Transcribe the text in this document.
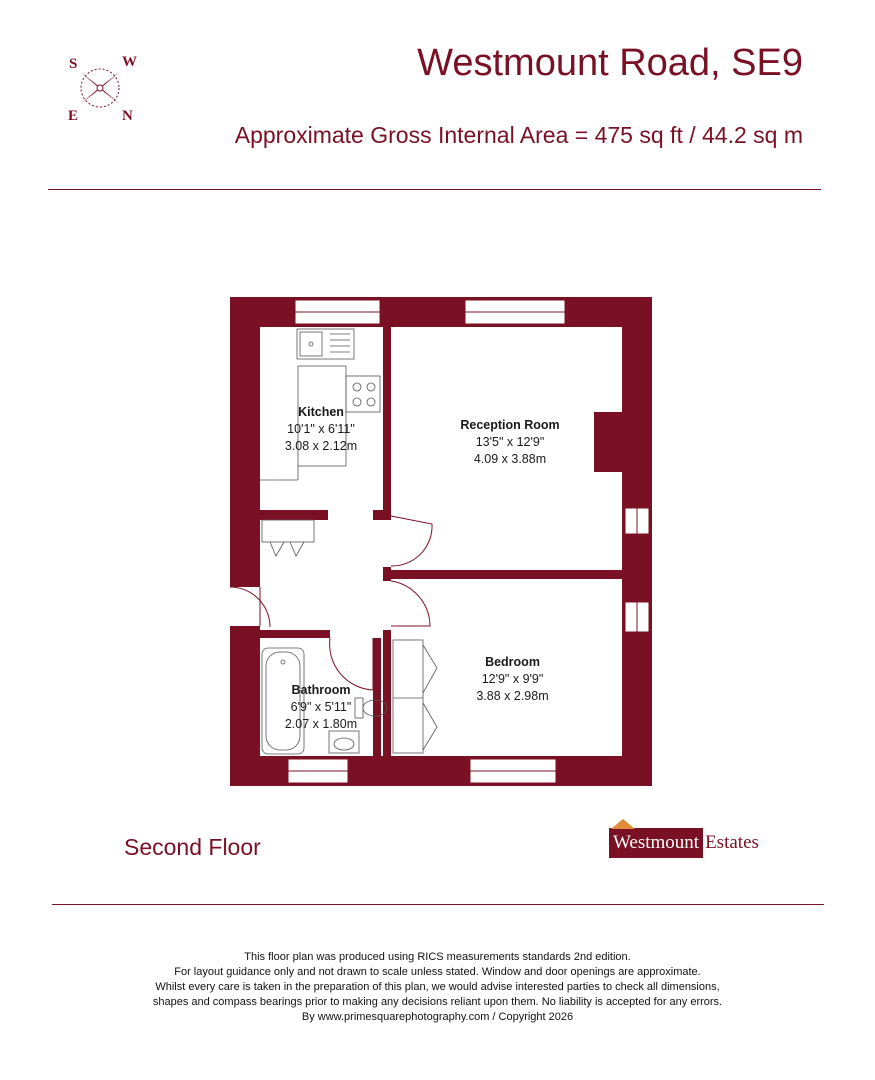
S	W
E	N
Westmount Road, SE9
Approximate Gross Internal Area = 475 sq ft / 44.2 sq m
Kitchen
10'1" x 6'11"
3.08 x 2.12m
Reception Room
13'5" x 12'9"
4.09 x 3.88m
Bedroom
12'9" x 9'9"
3.88 x 2.98m
Bathroom
6'9" x 5'11"
2.07 x 1.80m
Second Floor	Westmount Estates
This floor plan was produced using RICS measurements standards 2nd edition.
For layout guidance only and not drawn to scale unless stated. Window and door openings are approximate.
Whilst every care is taken in the preparation of this plan, we would advise interested parties to check all dimensions,
shapes and compass bearings prior to making any decisions reliant upon them. No liability is accepted for any errors.
By www.primesquarephotography.com / Copyright 2026
